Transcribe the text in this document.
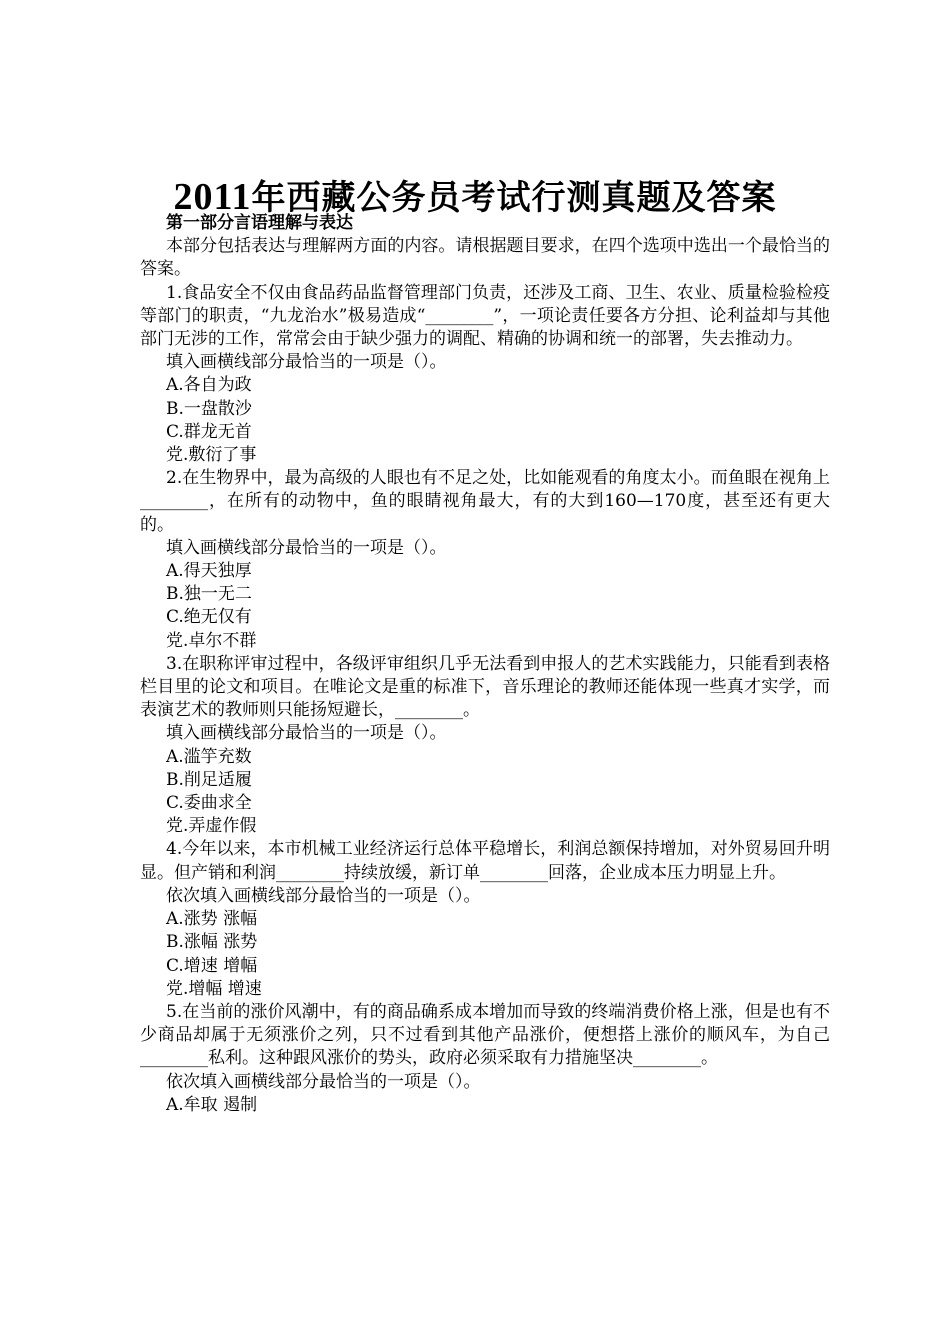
2011年西藏公务员考试行测真题及答案

第一部分言语理解与表达

本部分包括表达与理解两方面的内容。请根据题目要求，在四个选项中选出一个最恰当的答案。

1.食品安全不仅由食品药品监督管理部门负责，还涉及工商、卫生、农业、质量检验检疫等部门的职责，“九龙治水”极易造成“________”，一项论责任要各方分担、论利益却与其他部门无涉的工作，常常会由于缺少强力的调配、精确的协调和统一的部署，失去推动力。

填入画横线部分最恰当的一项是（）。

A.各自为政

B.一盘散沙

C.群龙无首

党.敷衍了事

2.在生物界中，最为高级的人眼也有不足之处，比如能观看的角度太小。而鱼眼在视角上________，在所有的动物中，鱼的眼睛视角最大，有的大到160—170度，甚至还有更大的。

填入画横线部分最恰当的一项是（）。

A.得天独厚

B.独一无二

C.绝无仅有

党.卓尔不群

3.在职称评审过程中，各级评审组织几乎无法看到申报人的艺术实践能力，只能看到表格栏目里的论文和项目。在唯论文是重的标准下，音乐理论的教师还能体现一些真才实学，而表演艺术的教师则只能扬短避长，________。

填入画横线部分最恰当的一项是（）。

A.滥竽充数

B.削足适履

C.委曲求全

党.弄虚作假

4.今年以来，本市机械工业经济运行总体平稳增长，利润总额保持增加，对外贸易回升明显。但产销和利润________持续放缓，新订单________回落，企业成本压力明显上升。

依次填入画横线部分最恰当的一项是（）。

A.涨势 涨幅

B.涨幅 涨势

C.增速 增幅

党.增幅 增速

5.在当前的涨价风潮中，有的商品确系成本增加而导致的终端消费价格上涨，但是也有不少商品却属于无须涨价之列，只不过看到其他产品涨价，便想搭上涨价的顺风车，为自己________私利。这种跟风涨价的势头，政府必须采取有力措施坚决________。

依次填入画横线部分最恰当的一项是（）。

A.牟取 遏制
